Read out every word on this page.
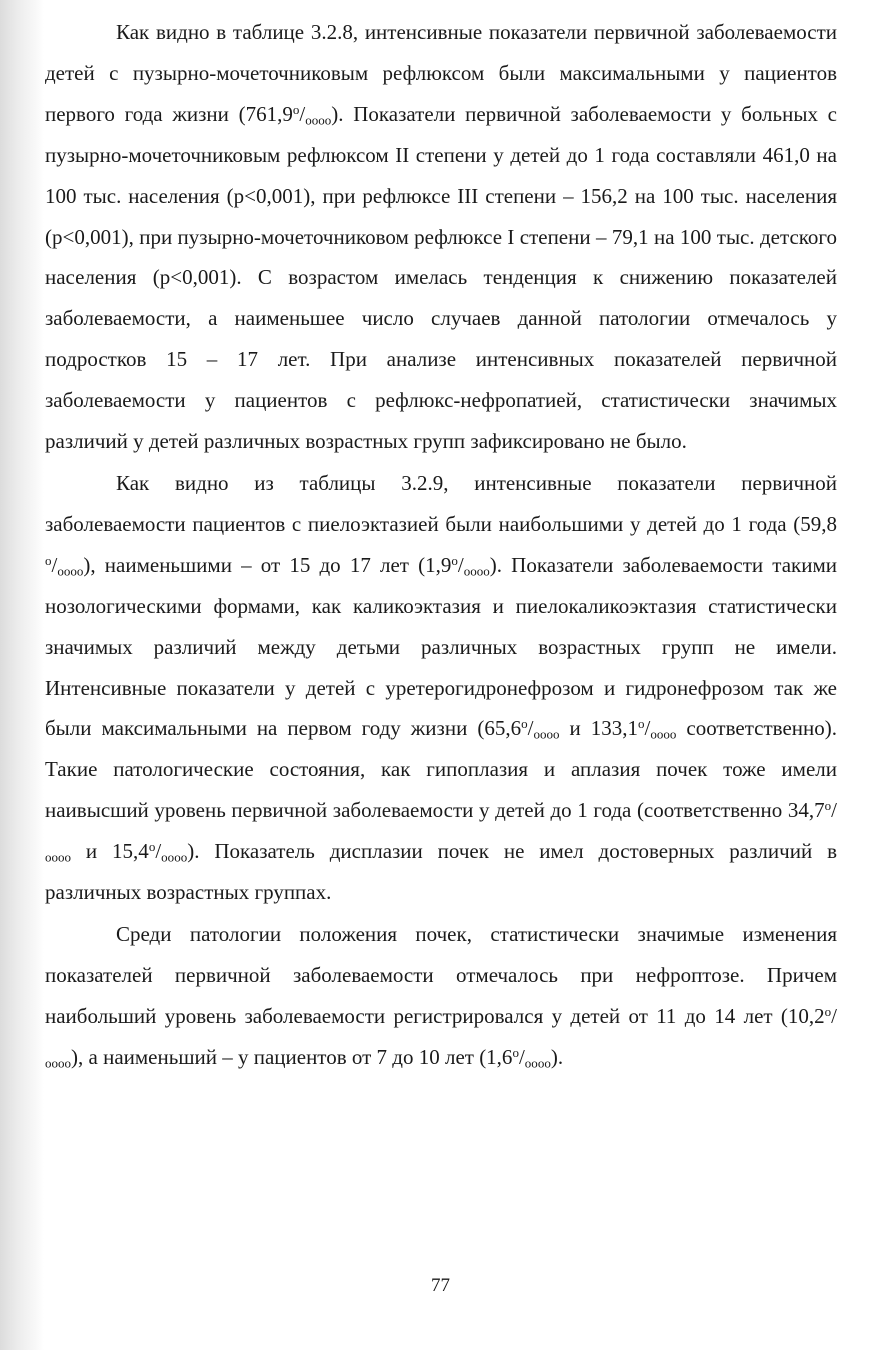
Как видно в таблице 3.2.8, интенсивные показатели первичной заболеваемости детей с пузырно-мочеточниковым рефлюксом были максимальными у пациентов первого года жизни $(761,9^о/_{оооо})$. Показатели первичной заболеваемости у больных с пузырно-мочеточниковым рефлюксом II степени у детей до 1 года составляли 461,0 на 100 тыс. населения (р<0,001), при рефлюксе III степени – 156,2 на 100 тыс. населения (р<0,001), при пузырно-мочеточниковом рефлюксе I степени – 79,1 на 100 тыс. детского населения (р<0,001). С возрастом имелась тенденция к снижению показателей заболеваемости, а наименьшее число случаев данной патологии отмечалось у подростков 15 – 17 лет. При анализе интенсивных показателей первичной заболеваемости у пациентов с рефлюкс-нефропатией, статистически значимых различий у детей различных возрастных групп зафиксировано не было.

Как видно из таблицы 3.2.9, интенсивные показатели первичной заболеваемости пациентов с пиелоэктазией были наибольшими у детей до 1 года (59,8 $^о/_{оооо}$), наименьшими – от 15 до 17 лет $(1,9^о/_{оооо})$. Показатели заболеваемости такими нозологическими формами, как каликоэктазия и пиелокаликоэктазия статистически значимых различий между детьми различных возрастных групп не имели. Интенсивные показатели у детей с уретерогидронефрозом и гидронефрозом так же были максимальными на первом году жизни ($65,6^о/_{оооо}$ и $133,1^о/_{оооо}$ соответственно). Такие патологические состояния, как гипоплазия и аплазия почек тоже имели наивысший уровень первичной заболеваемости у детей до 1 года (соответственно $34,7^о/_{оооо}$ и $15,4^о/_{оооо}$). Показатель дисплазии почек не имел достоверных различий в различных возрастных группах.

Среди патологии положения почек, статистически значимые изменения показателей первичной заболеваемости отмечалось при нефроптозе. Причем наибольший уровень заболеваемости регистрировался у детей от 11 до 14 лет $(10,2^о/_{оооо})$, а наименьший – у пациентов от 7 до 10 лет $(1,6^о/_{оооо})$.

77
